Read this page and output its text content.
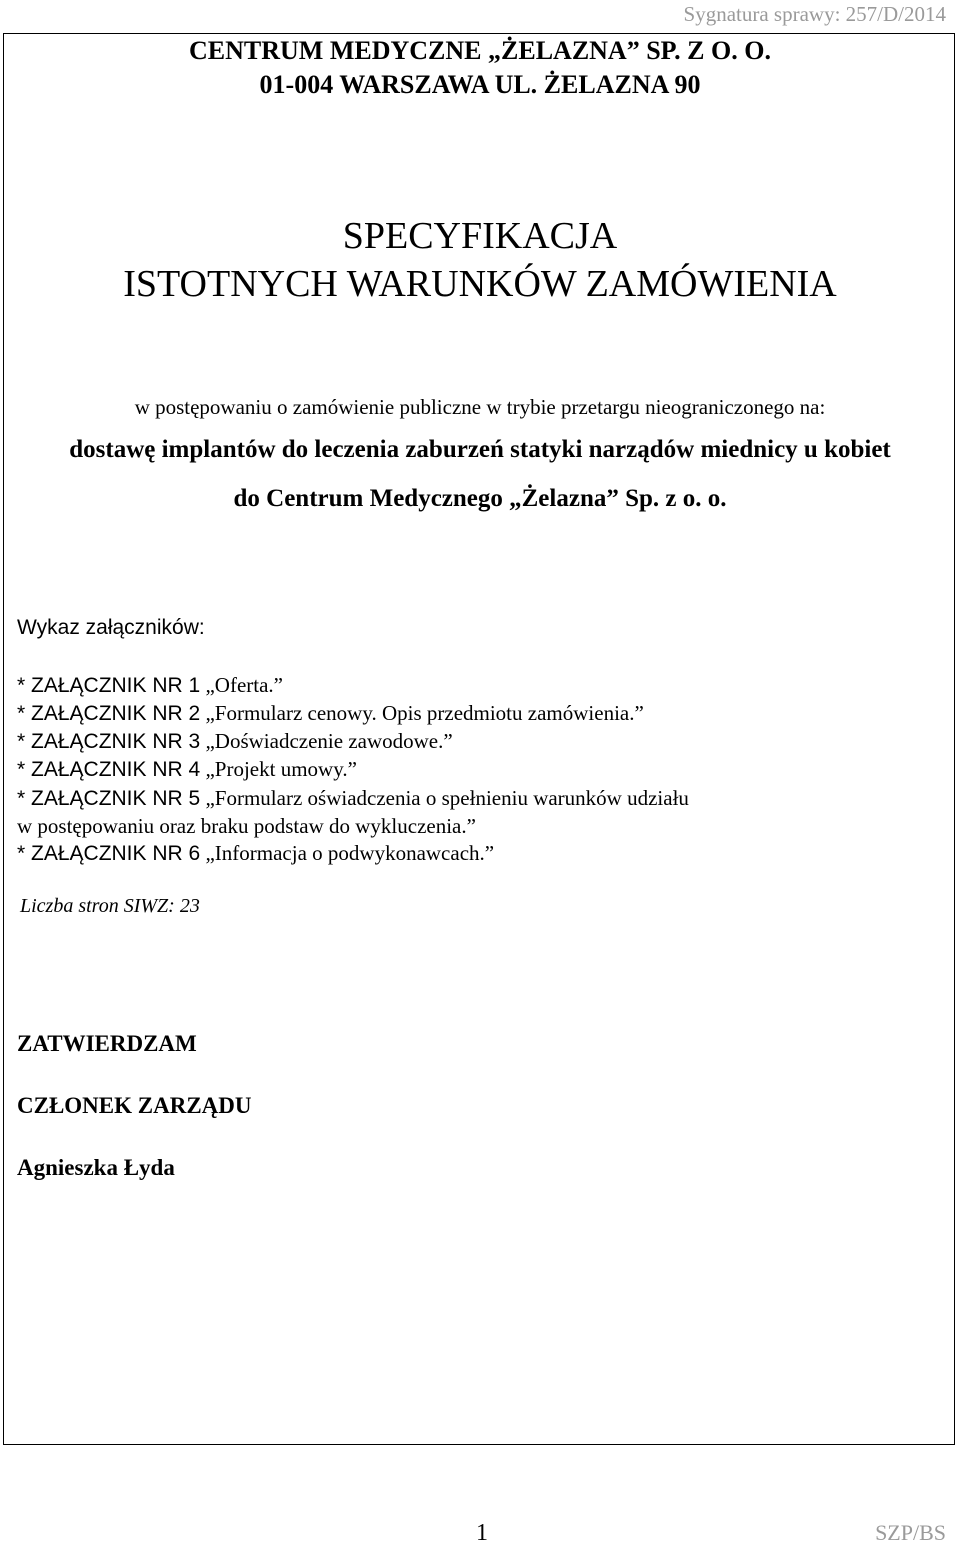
Sygnatura sprawy: 257/D/2014
CENTRUM MEDYCZNE „ŻELAZNA” SP. Z O. O.
01-004 WARSZAWA UL. ŻELAZNA 90
SPECYFIKACJA
ISTOTNYCH WARUNKÓW ZAMÓWIENIA
w postępowaniu o zamówienie publiczne w trybie przetargu nieograniczonego na:
dostawę implantów do leczenia zaburzeń statyki narządów miednicy u kobiet
do Centrum Medycznego „Żelazna” Sp. z o. o.
Wykaz załączników:
* ZAŁĄCZNIK NR 1 „Oferta.”
* ZAŁĄCZNIK NR 2 „Formularz cenowy. Opis przedmiotu zamówienia.”
* ZAŁĄCZNIK NR 3 „Doświadczenie zawodowe.”
* ZAŁĄCZNIK NR 4 „Projekt umowy.”
* ZAŁĄCZNIK NR 5 „Formularz oświadczenia o spełnieniu warunków udziału
w postępowaniu oraz braku podstaw do wykluczenia.”
* ZAŁĄCZNIK NR 6 „Informacja o podwykonawcach.”
Liczba stron SIWZ: 23
ZATWIERDZAM
CZŁONEK ZARZĄDU
Agnieszka Łyda
1	SZP/BS
